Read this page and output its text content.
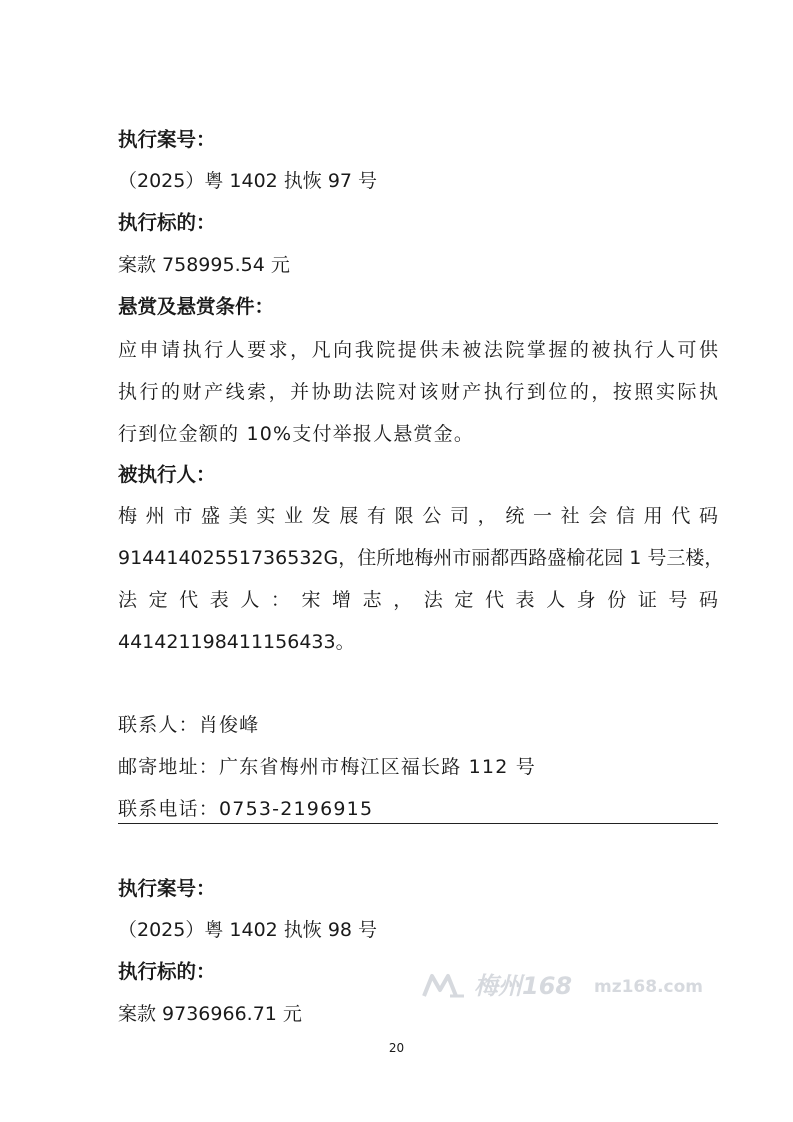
执行案号：
（2025）粤 1402 执恢 97 号
执行标的：
案款 758995.54 元
悬赏及悬赏条件：
应申请执行人要求，凡向我院提供未被法院掌握的被执行人可供
执行的财产线索，并协助法院对该财产执行到位的，按照实际执
行到位金额的 10%支付举报人悬赏金。
被执行人：
梅州市盛美实业发展有限公司，统一社会信用代码
91441402551736532G，住所地梅州市丽都西路盛榆花园 1 号三楼，
法定代表人：宋增志，法定代表人身份证号码
441421198411156433。
联系人：肖俊峰
邮寄地址：广东省梅州市梅江区福长路 112 号
联系电话：0753-2196915
执行案号：
（2025）粤 1402 执恢 98 号
执行标的：
案款 9736966.71 元
梅州168 mz168.com
20
